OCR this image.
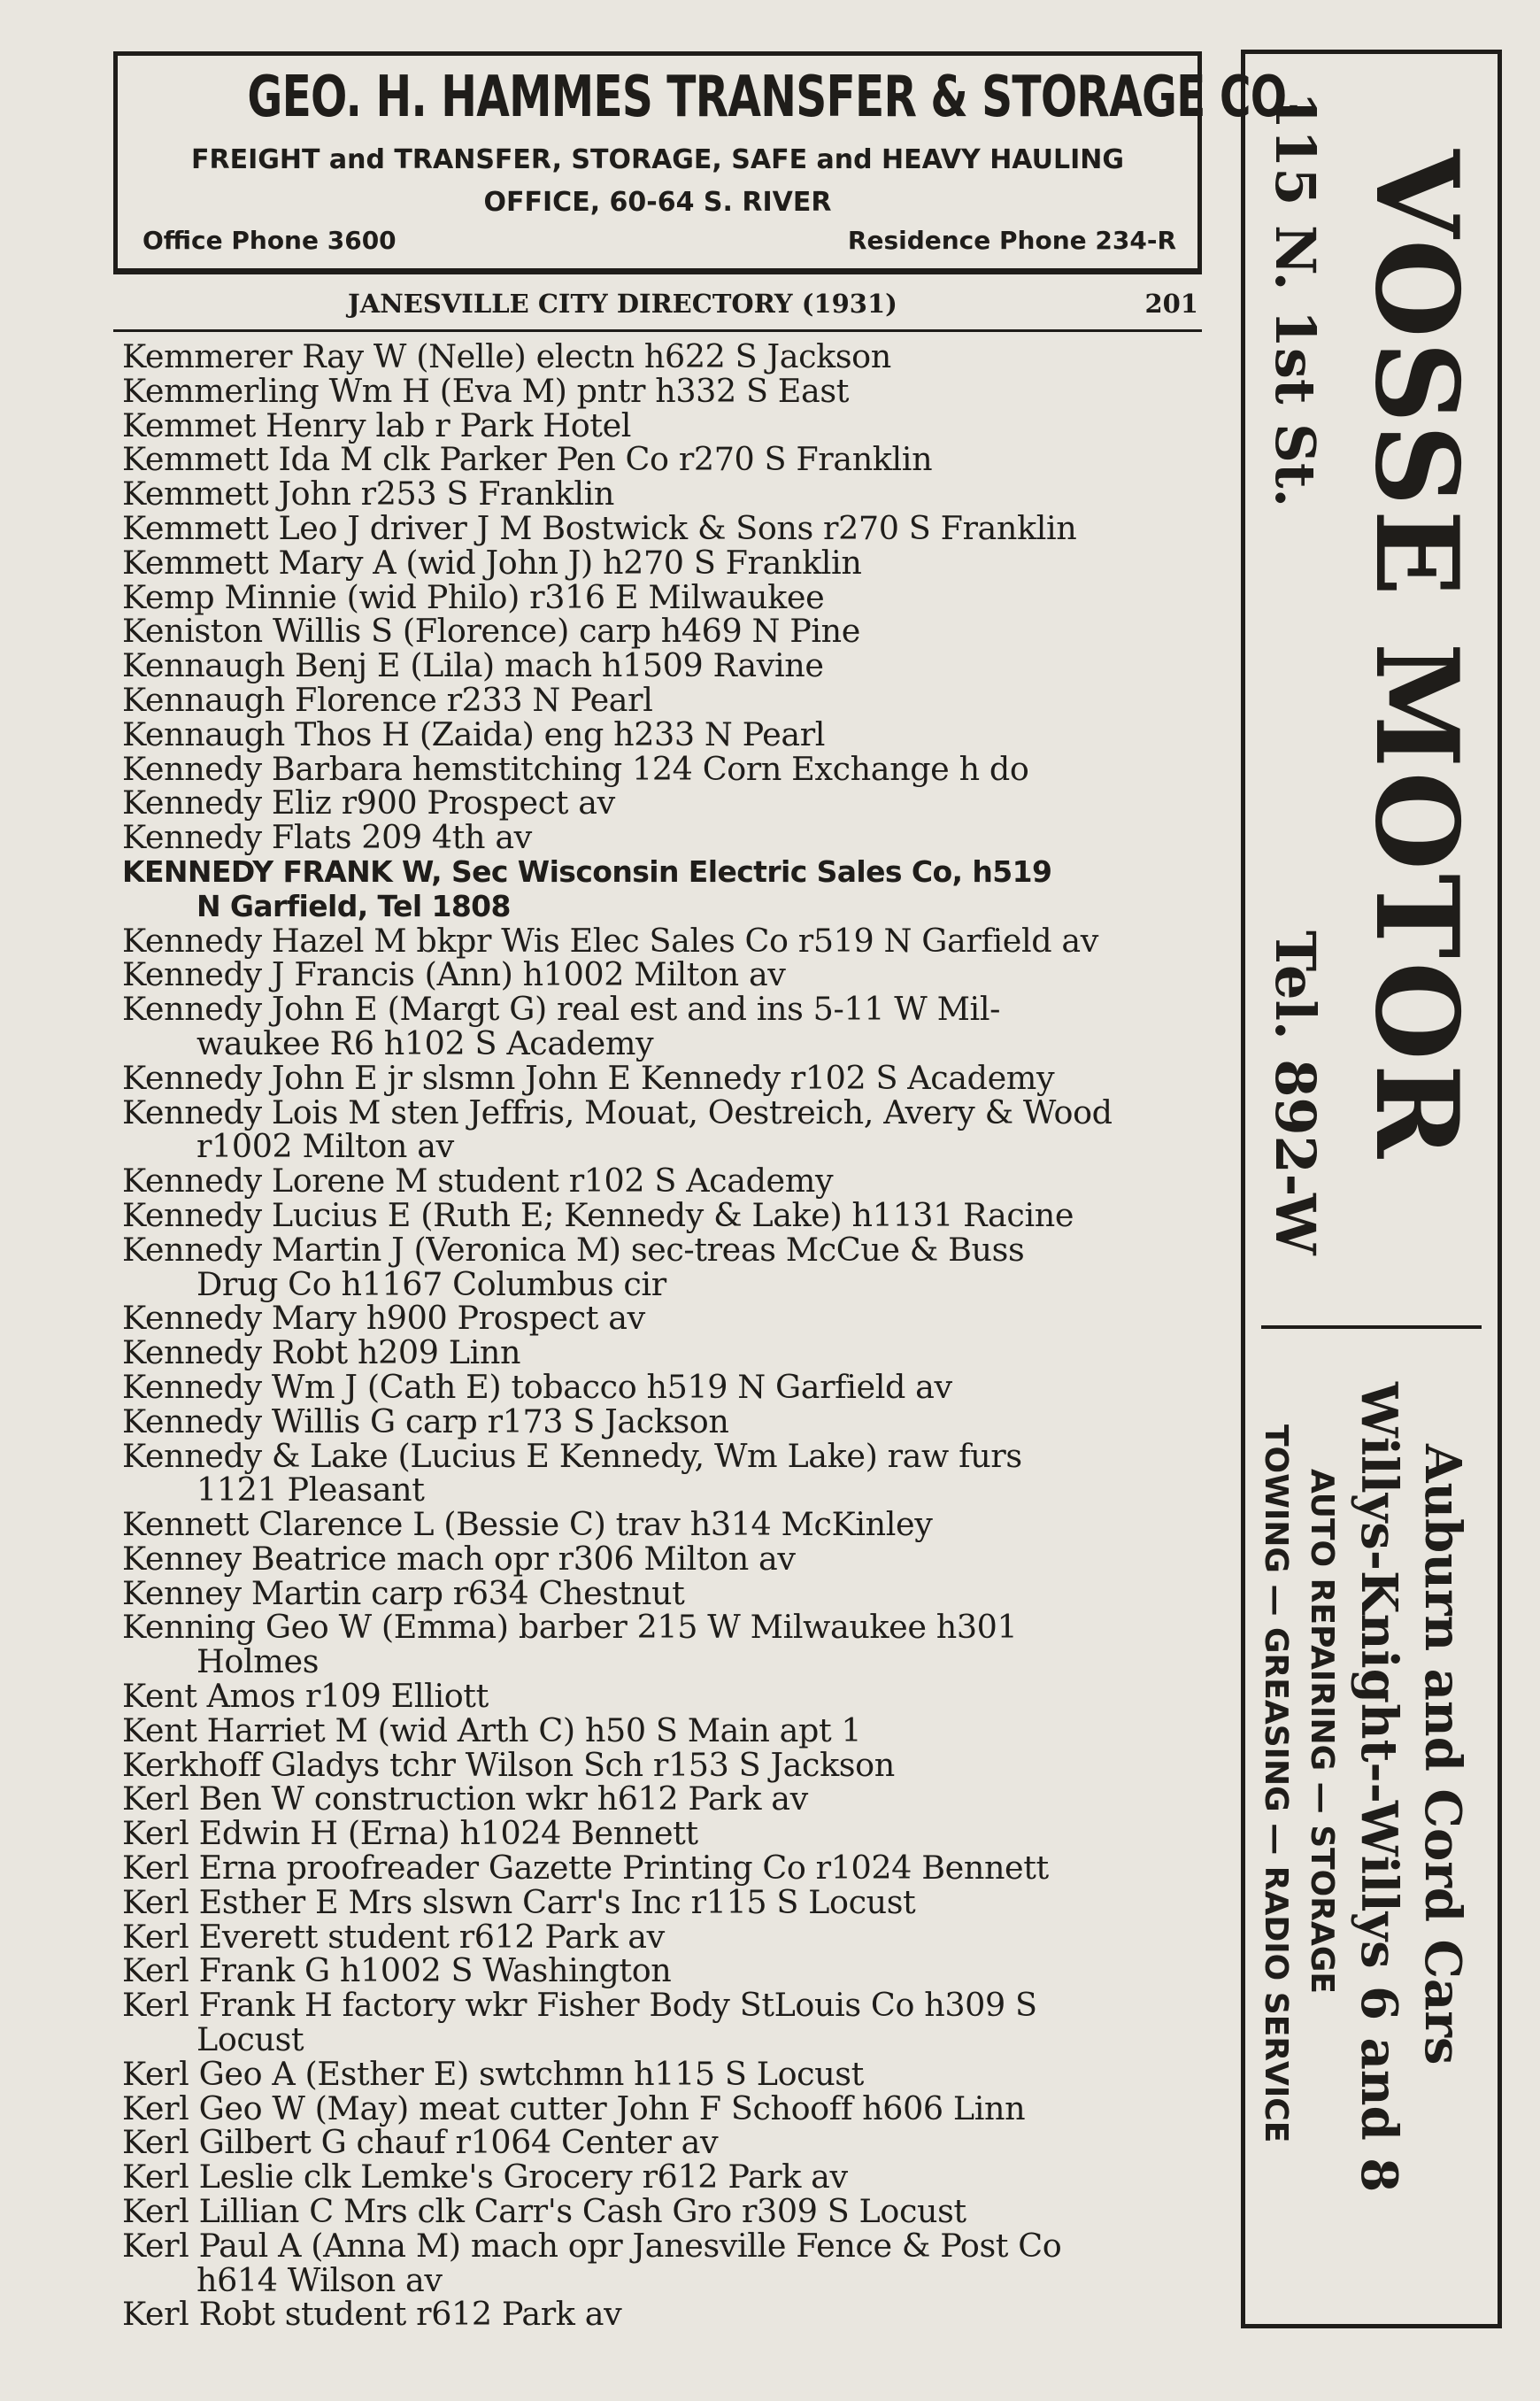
GEO. H. HAMMES TRANSFER & STORAGE CO.
FREIGHT and TRANSFER, STORAGE, SAFE and HEAVY HAULING
OFFICE, 60-64 S. RIVER
Office Phone 3600	Residence Phone 234-R
JANESVILLE CITY DIRECTORY (1931)	201
Kemmerer Ray W (Nelle) electn h622 S Jackson
Kemmerling Wm H (Eva M) pntr h332 S East
Kemmet Henry lab r Park Hotel
Kemmett Ida M clk Parker Pen Co r270 S Franklin
Kemmett John r253 S Franklin
Kemmett Leo J driver J M Bostwick & Sons r270 S Franklin
Kemmett Mary A (wid John J) h270 S Franklin
Kemp Minnie (wid Philo) r316 E Milwaukee
Keniston Willis S (Florence) carp h469 N Pine
Kennaugh Benj E (Lila) mach h1509 Ravine
Kennaugh Florence r233 N Pearl
Kennaugh Thos H (Zaida) eng h233 N Pearl
Kennedy Barbara hemstitching 124 Corn Exchange h do
Kennedy Eliz r900 Prospect av
Kennedy Flats 209 4th av
KENNEDY FRANK W, Sec Wisconsin Electric Sales Co, h519
N Garfield, Tel 1808
Kennedy Hazel M bkpr Wis Elec Sales Co r519 N Garfield av
Kennedy J Francis (Ann) h1002 Milton av
Kennedy John E (Margt G) real est and ins 5-11 W Mil-
waukee R6 h102 S Academy
Kennedy John E jr slsmn John E Kennedy r102 S Academy
Kennedy Lois M sten Jeffris, Mouat, Oestreich, Avery & Wood
r1002 Milton av
Kennedy Lorene M student r102 S Academy
Kennedy Lucius E (Ruth E; Kennedy & Lake) h1131 Racine
Kennedy Martin J (Veronica M) sec-treas McCue & Buss
Drug Co h1167 Columbus cir
Kennedy Mary h900 Prospect av
Kennedy Robt h209 Linn
Kennedy Wm J (Cath E) tobacco h519 N Garfield av
Kennedy Willis G carp r173 S Jackson
Kennedy & Lake (Lucius E Kennedy, Wm Lake) raw furs
1121 Pleasant
Kennett Clarence L (Bessie C) trav h314 McKinley
Kenney Beatrice mach opr r306 Milton av
Kenney Martin carp r634 Chestnut
Kenning Geo W (Emma) barber 215 W Milwaukee h301
Holmes
Kent Amos r109 Elliott
Kent Harriet M (wid Arth C) h50 S Main apt 1
Kerkhoff Gladys tchr Wilson Sch r153 S Jackson
Kerl Ben W construction wkr h612 Park av
Kerl Edwin H (Erna) h1024 Bennett
Kerl Erna proofreader Gazette Printing Co r1024 Bennett
Kerl Esther E Mrs slswn Carr's Inc r115 S Locust
Kerl Everett student r612 Park av
Kerl Frank G h1002 S Washington
Kerl Frank H factory wkr Fisher Body StLouis Co h309 S
Locust
Kerl Geo A (Esther E) swtchmn h115 S Locust
Kerl Geo W (May) meat cutter John F Schooff h606 Linn
Kerl Gilbert G chauf r1064 Center av
Kerl Leslie clk Lemke's Grocery r612 Park av
Kerl Lillian C Mrs clk Carr's Cash Gro r309 S Locust
Kerl Paul A (Anna M) mach opr Janesville Fence & Post Co
h614 Wilson av
Kerl Robt student r612 Park av
115 N. 1st St. VOSSE MOTOR
Tel. 892-W
Auburn and Cord Cars
Willys-Knight--Willys 6 and 8
AUTO REPAIRING — STORAGE
TOWING — GREASING — RADIO SERVICE
